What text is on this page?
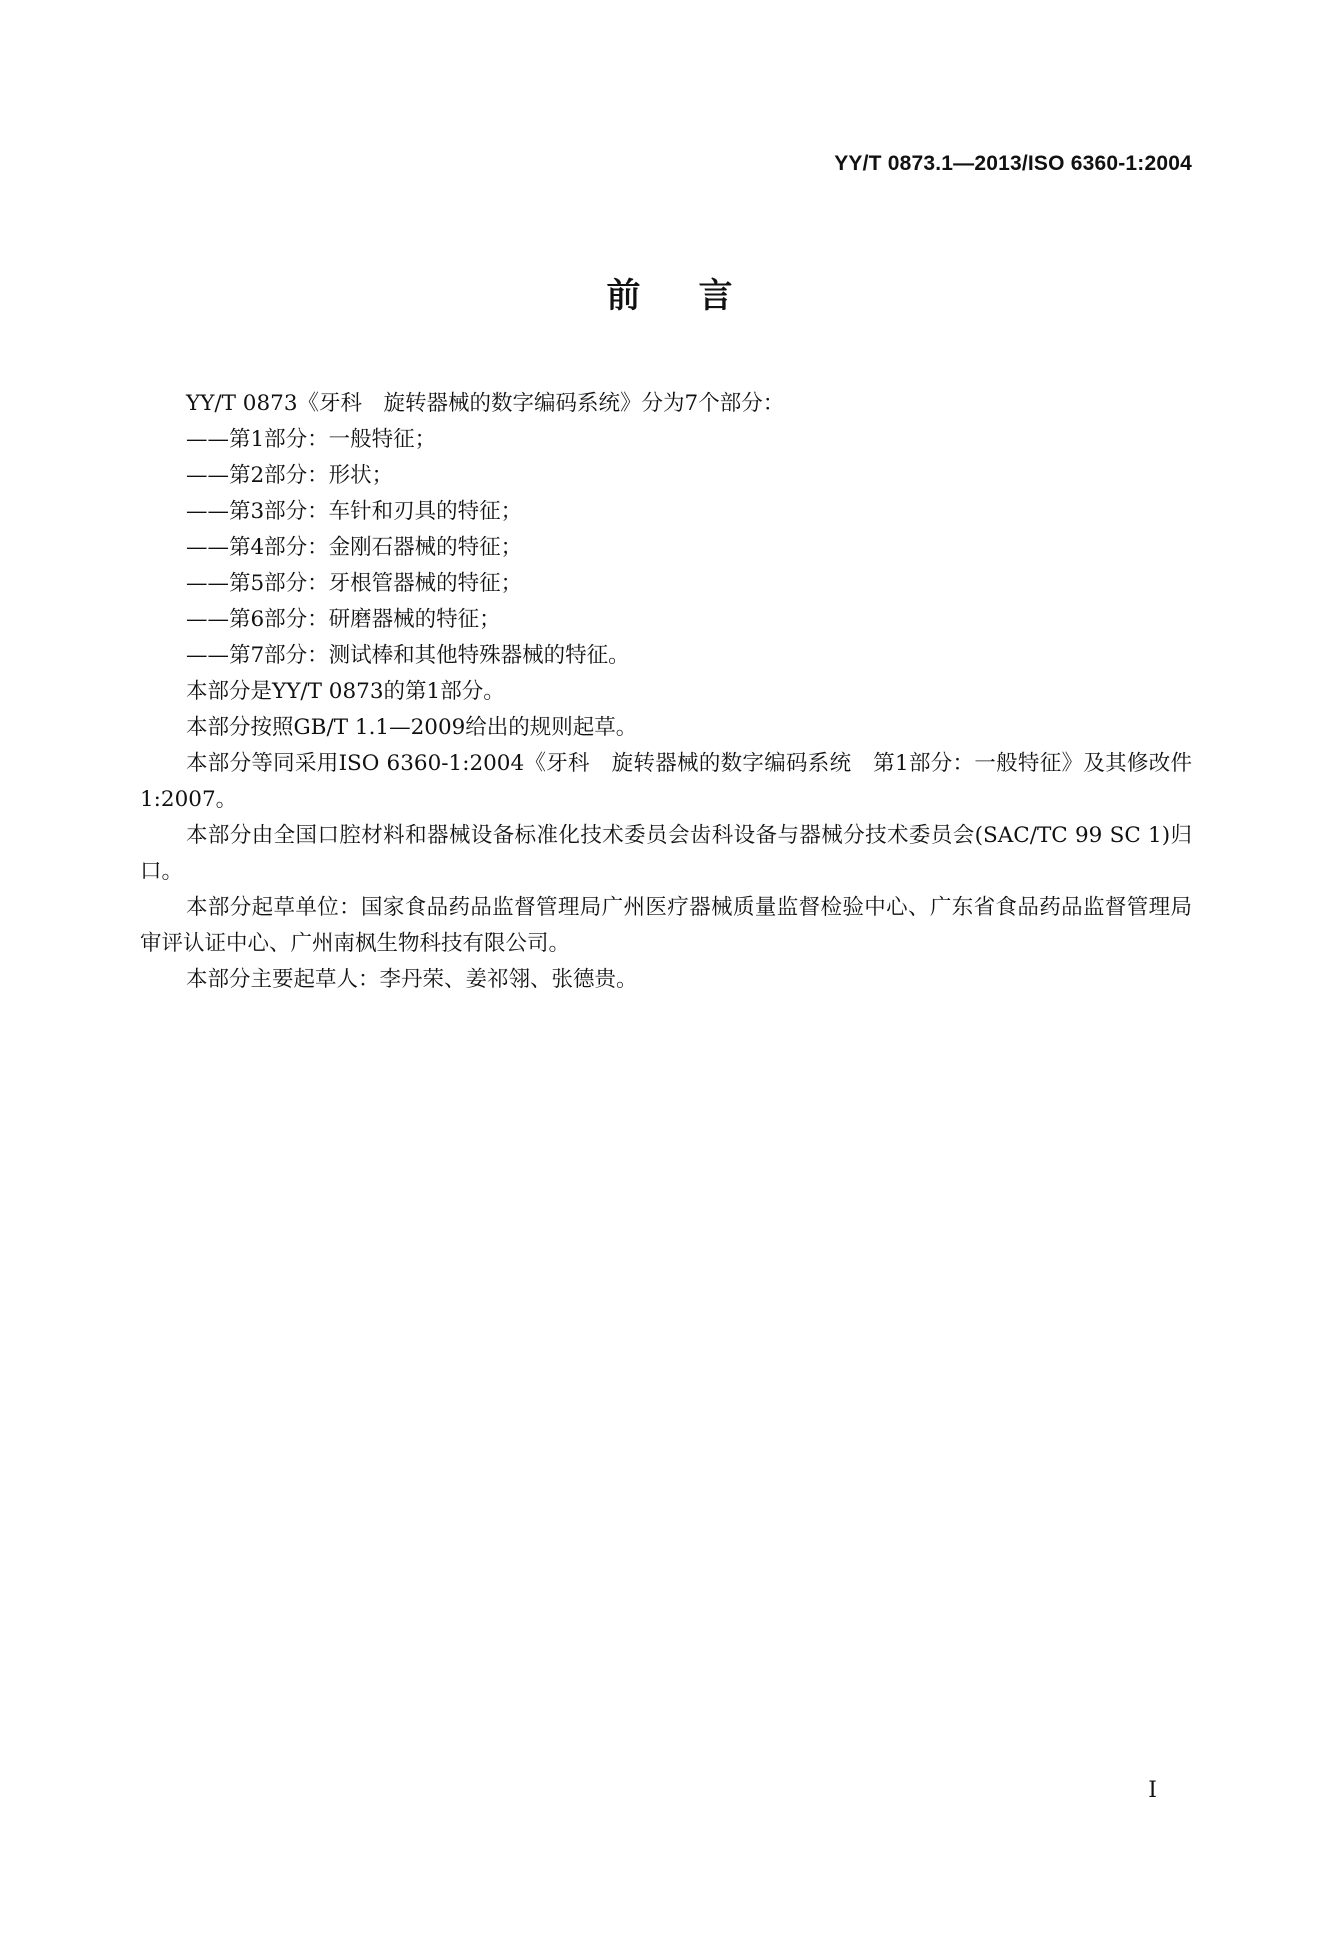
YY/T 0873.1—2013/ISO 6360-1:2004
前言

YY/T 0873《牙科　旋转器械的数字编码系统》分为7个部分：

——第1部分：一般特征；

——第2部分：形状；

——第3部分：车针和刃具的特征；

——第4部分：金刚石器械的特征；

——第5部分：牙根管器械的特征；

——第6部分：研磨器械的特征；

——第7部分：测试棒和其他特殊器械的特征。

本部分是YY/T 0873的第1部分。

本部分按照GB/T 1.1—2009给出的规则起草。

本部分等同采用ISO 6360-1:2004《牙科　旋转器械的数字编码系统　第1部分：一般特征》及其修改件1:2007。

本部分由全国口腔材料和器械设备标准化技术委员会齿科设备与器械分技术委员会(SAC/TC 99 SC 1)归口。

本部分起草单位：国家食品药品监督管理局广州医疗器械质量监督检验中心、广东省食品药品监督管理局审评认证中心、广州南枫生物科技有限公司。

本部分主要起草人：李丹荣、姜祁翎、张德贵。

I
